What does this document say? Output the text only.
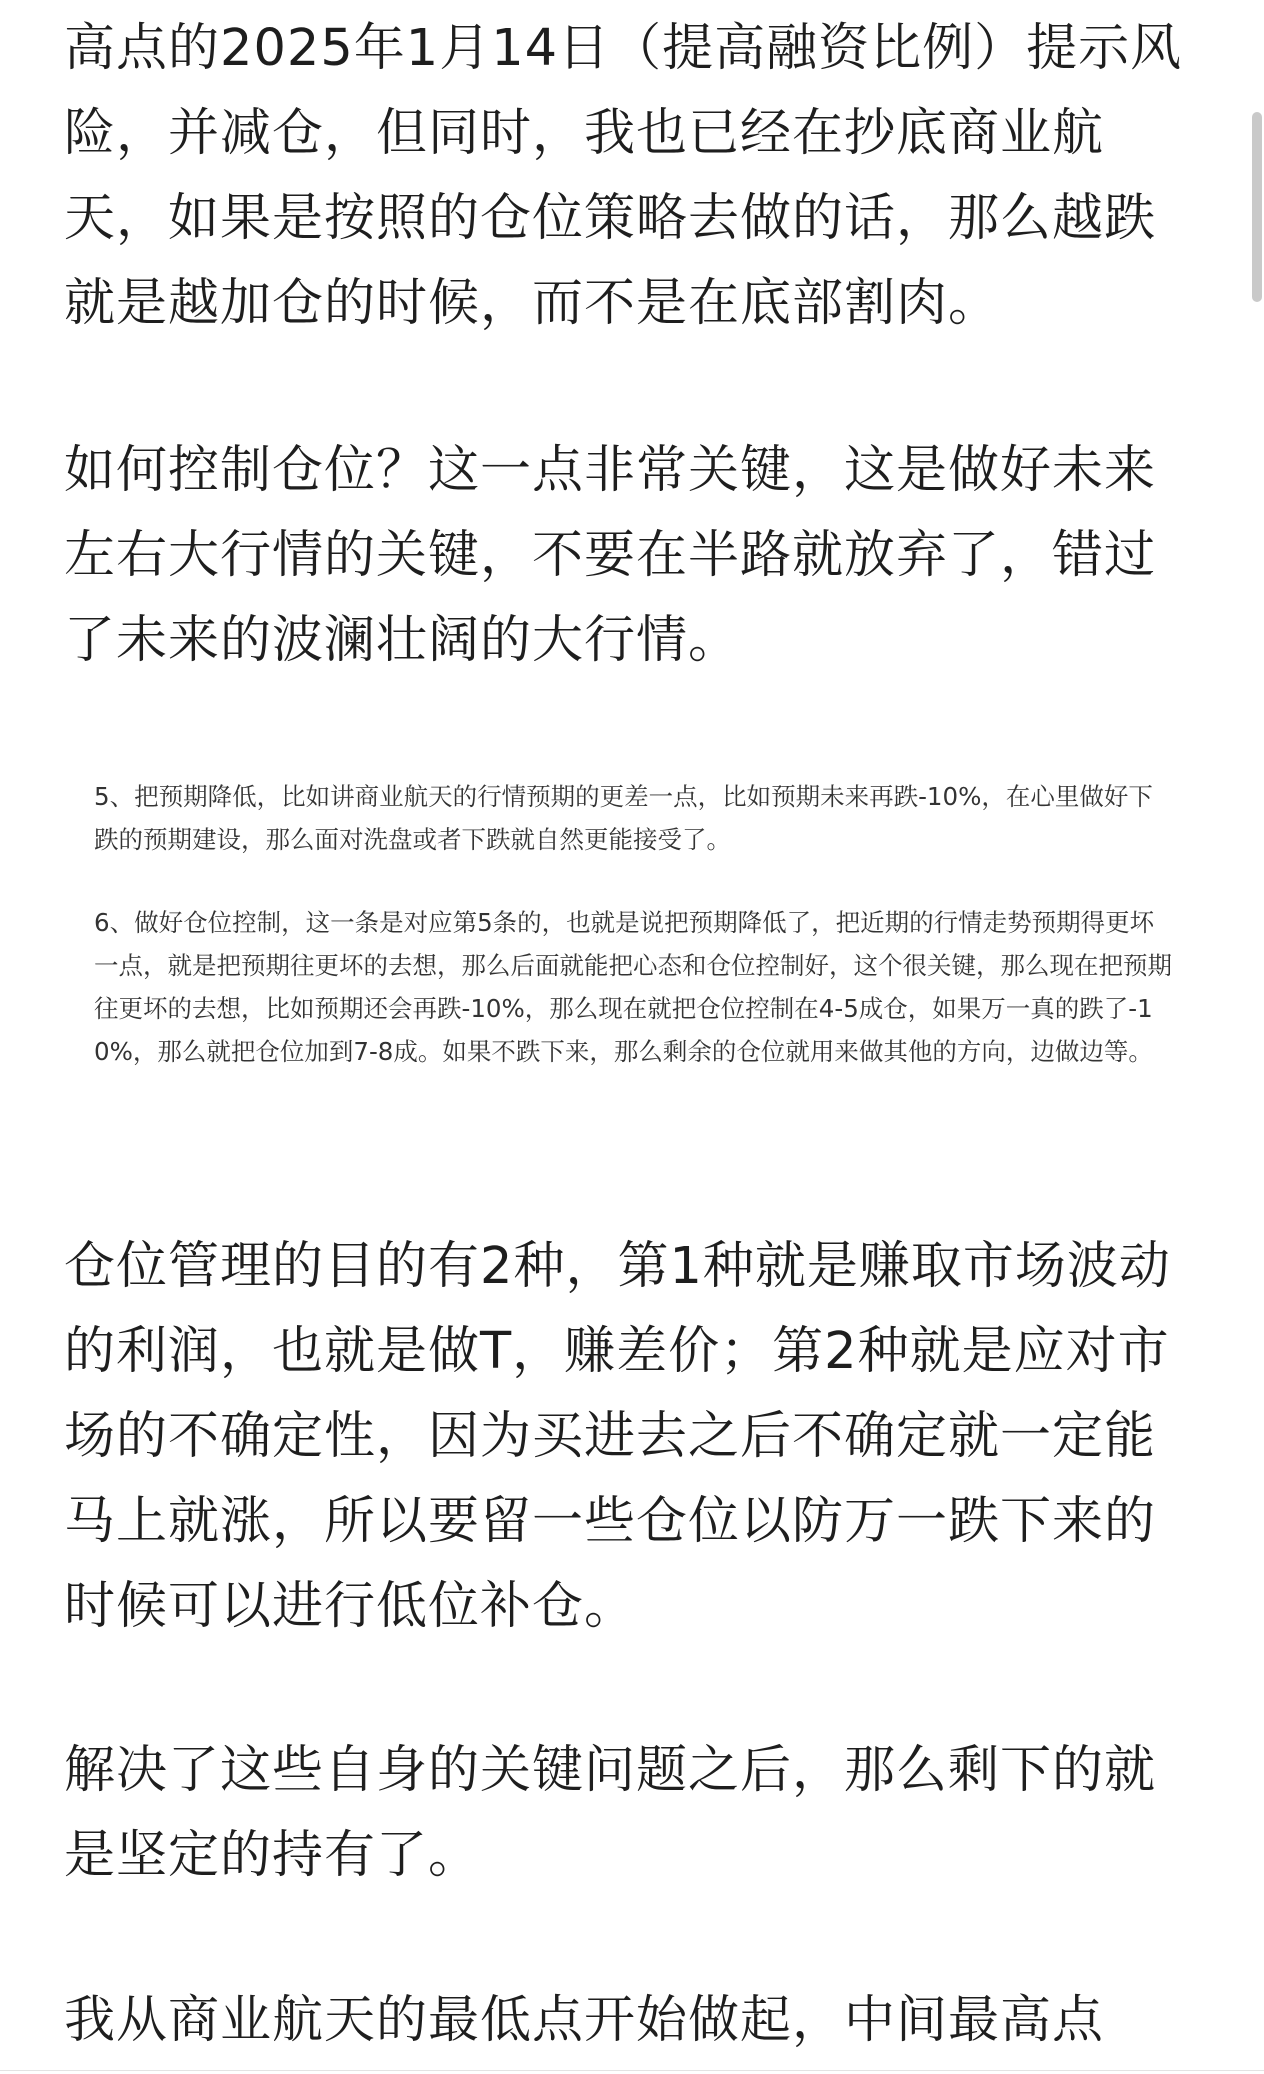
高点的2025年1月14日（提高融资比例）提示风险，并减仓，但同时，我也已经在抄底商业航天，如果是按照的仓位策略去做的话，那么越跌就是越加仓的时候，而不是在底部割肉。

如何控制仓位？这一点非常关键，这是做好未来左右大行情的关键，不要在半路就放弃了，错过了未来的波澜壮阔的大行情。

5、把预期降低，比如讲商业航天的行情预期的更差一点，比如预期未来再跌-10%，在心里做好下跌的预期建设，那么面对洗盘或者下跌就自然更能接受了。

6、做好仓位控制，这一条是对应第5条的，也就是说把预期降低了，把近期的行情走势预期得更坏一点，就是把预期往更坏的去想，那么后面就能把心态和仓位控制好，这个很关键，那么现在把预期往更坏的去想，比如预期还会再跌-10%，那么现在就把仓位控制在4-5成仓，如果万一真的跌了-10%，那么就把仓位加到7-8成。如果不跌下来，那么剩余的仓位就用来做其他的方向，边做边等。

仓位管理的目的有2种，第1种就是赚取市场波动的利润，也就是做T，赚差价；第2种就是应对市场的不确定性，因为买进去之后不确定就一定能马上就涨，所以要留一些仓位以防万一跌下来的时候可以进行低位补仓。

解决了这些自身的关键问题之后，那么剩下的就是坚定的持有了。

我从商业航天的最低点开始做起，中间最高点
